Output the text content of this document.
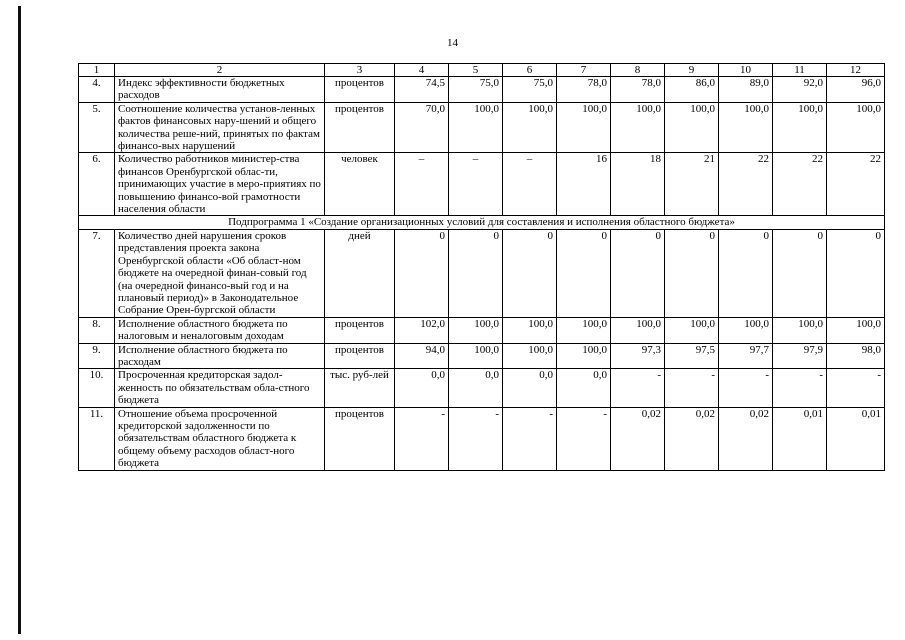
14
1	2	3	4	5	6	7	8	9	10	11	12
4.	Индекс эффективности бюджетных расходов	процентов	74,5	75,0	75,0	78,0	78,0	86,0	89,0	92,0	96,0
5.	Соотношение количества установ-ленных фактов финансовых нару-шений и общего количества реше-ний, принятых по фактам финансо-вых нарушений	процентов	70,0	100,0	100,0	100,0	100,0	100,0	100,0	100,0	100,0
6.	Количество работников министер-ства финансов Оренбургской облас-ти, принимающих участие в меро-приятиях по повышению финансо-вой грамотности населения области	человек	–	–	–	16	18	21	22	22	22
Подпрограмма 1 «Создание организационных условий для составления и исполнения областного бюджета»											
7.	Количество дней нарушения сроков представления проекта закона Оренбургской области «Об област-ном бюджете на очередной финан-совый год (на очередной финансо-вый год и на плановый период)» в Законодательное Собрание Орен-бургской области	дней	0	0	0	0	0	0	0	0	0
8.	Исполнение областного бюджета по налоговым и неналоговым доходам	процентов	102,0	100,0	100,0	100,0	100,0	100,0	100,0	100,0	100,0
9.	Исполнение областного бюджета по расходам	процентов	94,0	100,0	100,0	100,0	97,3	97,5	97,7	97,9	98,0
10.	Просроченная кредиторская задол-женность по обязательствам обла-стного бюджета	тыс. руб-лей	0,0	0,0	0,0	0,0	-	-	-	-	-
11.	Отношение объема просроченной кредиторской задолженности по обязательствам областного бюджета к общему объему расходов област-ного бюджета	процентов	-	-	-	-	0,02	0,02	0,02	0,01	0,01
